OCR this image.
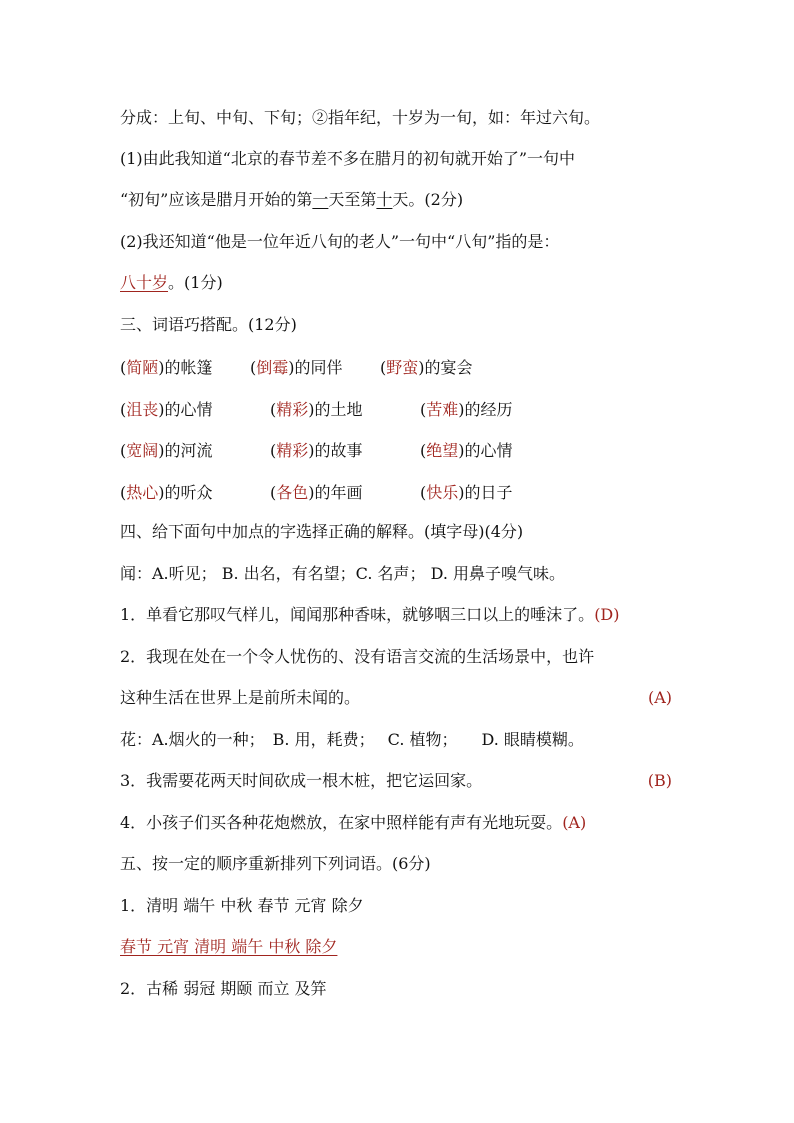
分成：上旬、中旬、下旬；②指年纪，十岁为一旬，如：年过六旬。
(1)由此我知道“北京的春节差不多在腊月的初旬就开始了”一句中
“初旬”应该是腊月开始的第一天至第十天。(2分)
(2)我还知道“他是一位年近八旬的老人”一句中“八旬”指的是：
八十岁。(1分)
三、词语巧搭配。(12分)
(简陋)的帐篷 (倒霉)的同伴 (野蛮)的宴会
(沮丧)的心情	(精彩)的土地	(苦难)的经历
(宽阔)的河流	(精彩)的故事	(绝望)的心情
(热心)的听众	(各色)的年画	(快乐)的日子
四、给下面句中加点的字选择正确的解释。(填字母)(4分)
闻：A.听见； B. 出名，有名望；C. 名声； D. 用鼻子嗅气味。
1．单看它那叹气样儿，闻闻那种香味，就够咽三口以上的唾沫了。(D)
2．我现在处在一个令人忧伤的、没有语言交流的生活场景中，也许
这种生活在世界上是前所未闻的。	(A)
花：A.烟火的一种；　B. 用，耗费；　 C. 植物；　　D. 眼睛模糊。
3．我需要花两天时间砍成一根木桩，把它运回家。	(B)
4．小孩子们买各种花炮燃放，在家中照样能有声有光地玩耍。(A)
五、按一定的顺序重新排列下列词语。(6分)
1．清明 端午 中秋 春节 元宵 除夕
春节 元宵 清明 端午 中秋 除夕
2．古稀 弱冠 期颐 而立 及笄
